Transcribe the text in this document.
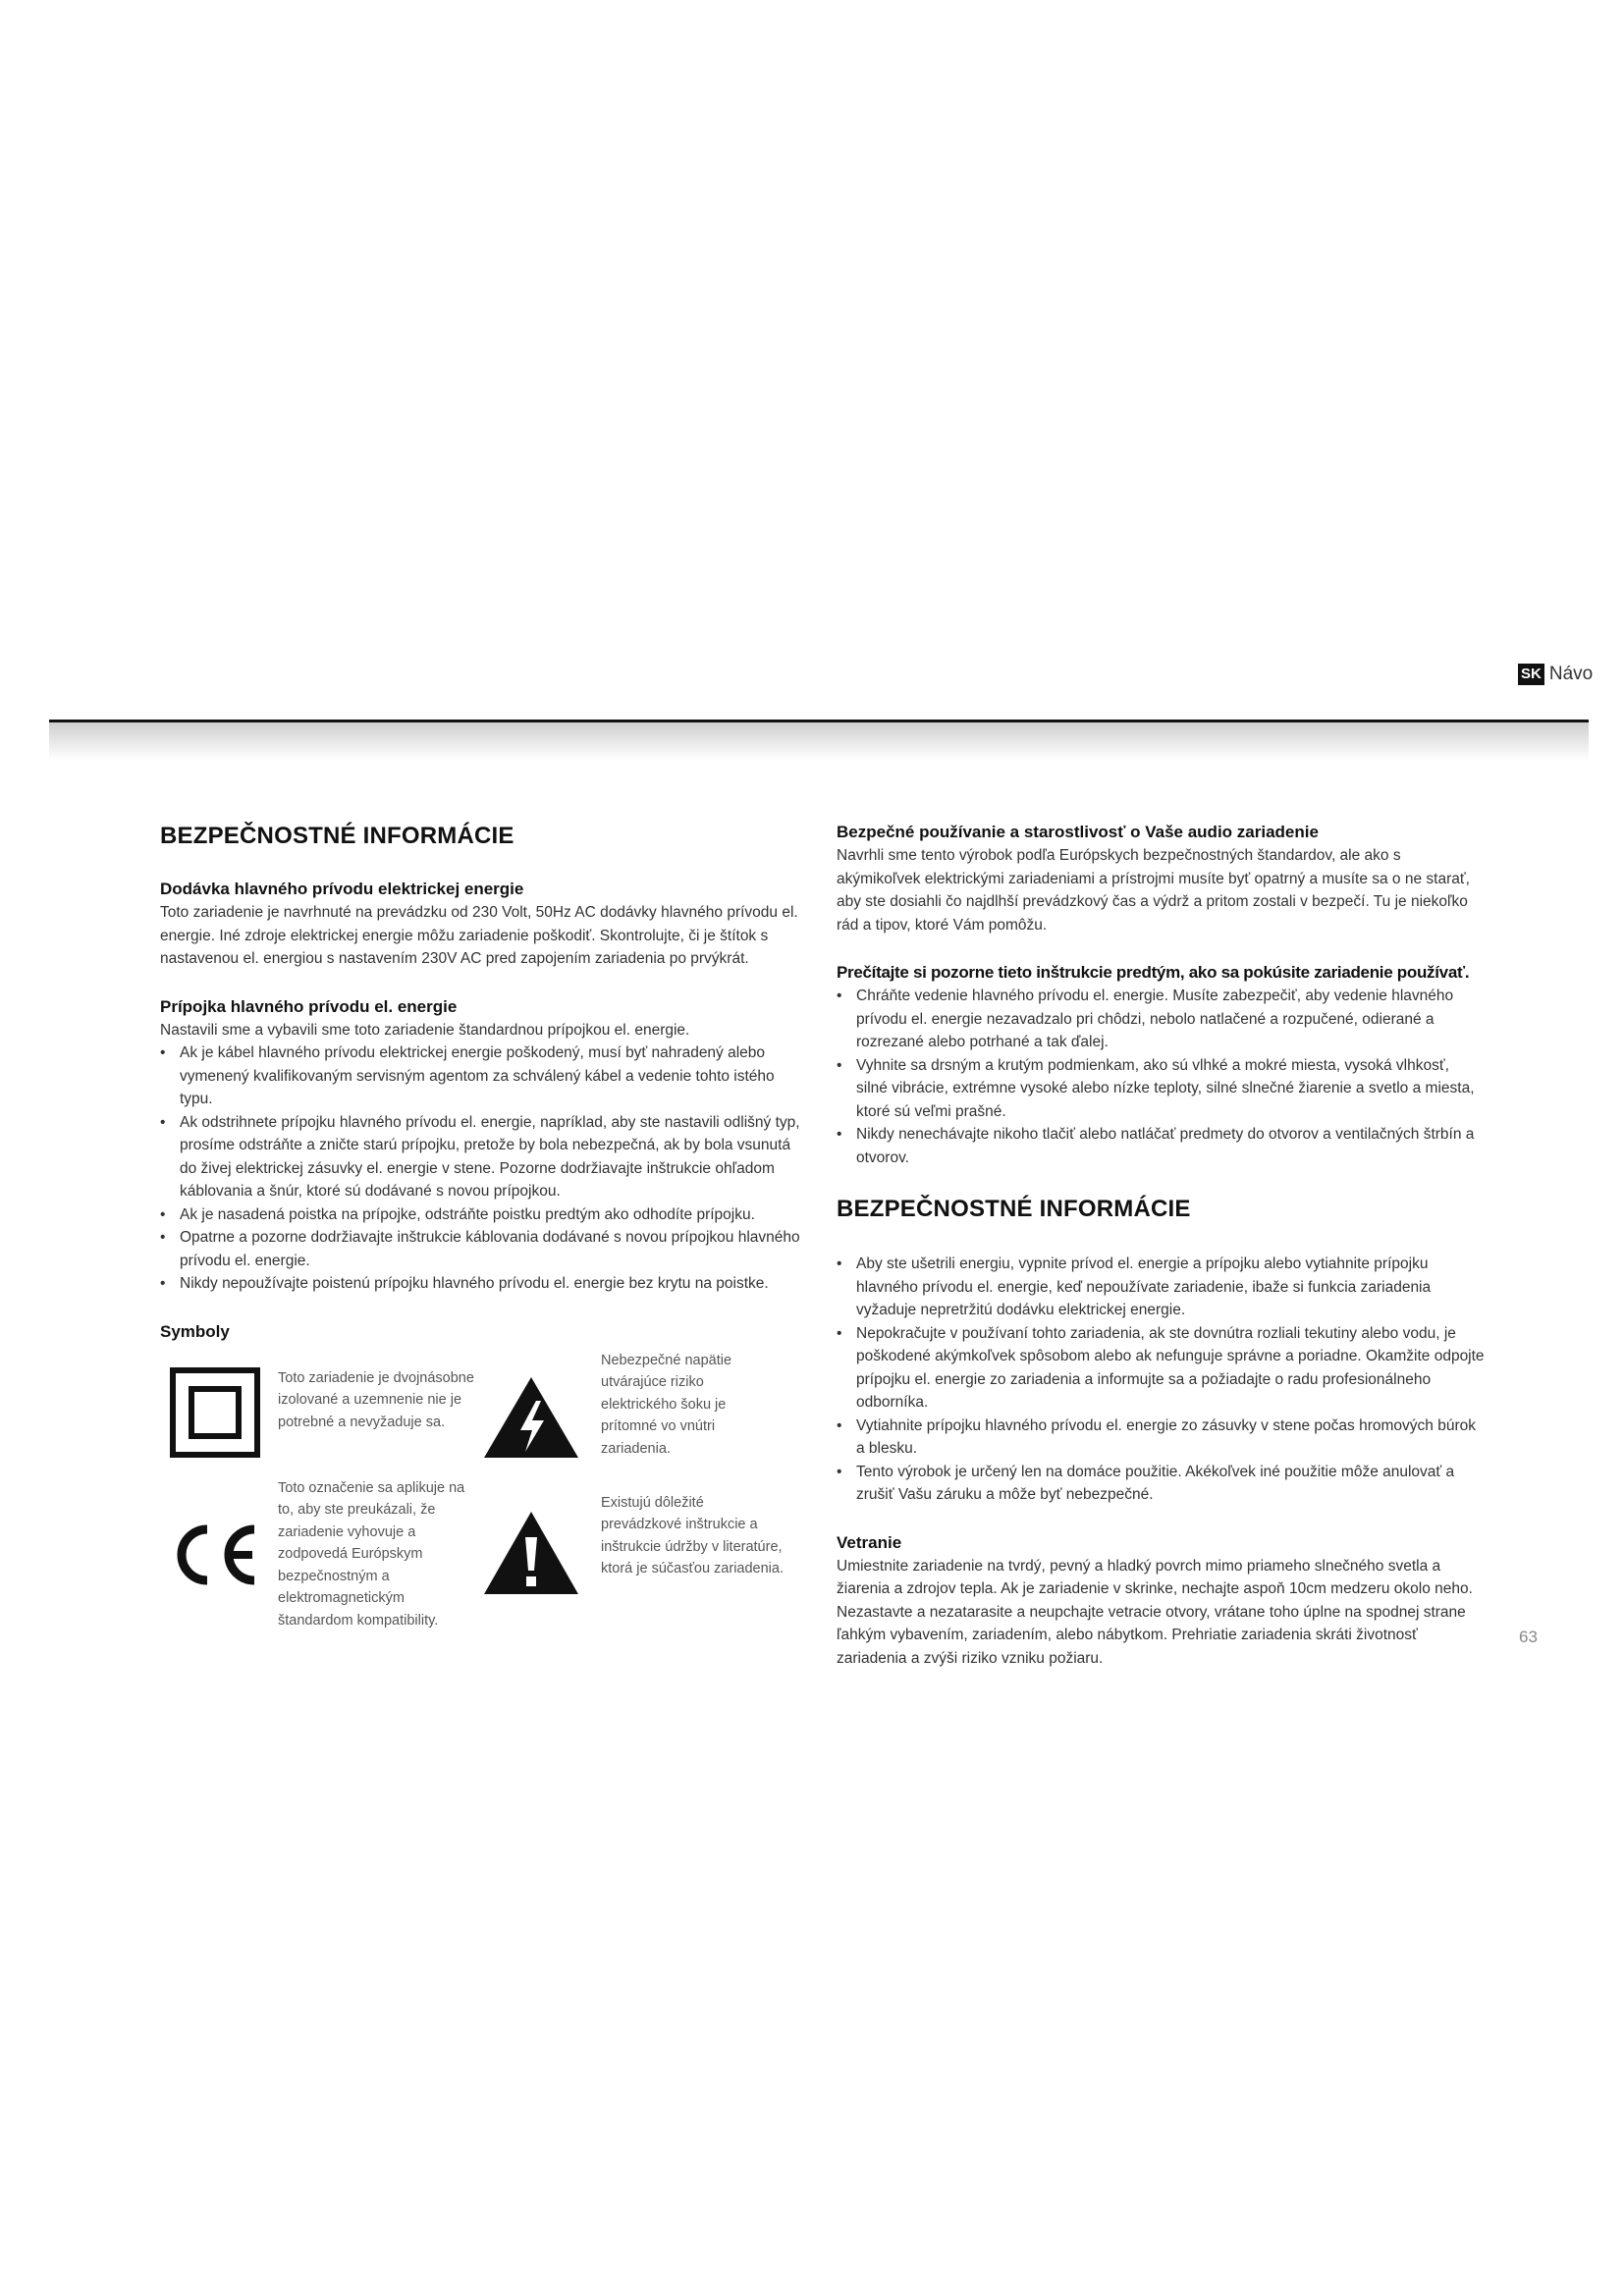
SK Návo
BEZPEČNOSTNÉ INFORMÁCIE
Dodávka hlavného prívodu elektrickej energie

Toto zariadenie je navrhnuté na prevádzku od 230 Volt, 50Hz AC dodávky hlavného prívodu el. energie. Iné zdroje elektrickej energie môžu zariadenie poškodiť. Skontrolujte, či je štítok s nastavenou el. energiou s nastavením 230V AC pred zapojením zariadenia po prvýkrát.

Prípojka hlavného prívodu el. energie

Nastavili sme a vybavili sme toto zariadenie štandardnou prípojkou el. energie.

• Ak je kábel hlavného prívodu elektrickej energie poškodený, musí byť nahradený alebo vymenený kvalifikovaným servisným agentom za schválený kábel a vedenie tohto istého typu.
• Ak odstrihnete prípojku hlavného prívodu el. energie, napríklad, aby ste nastavili odlišný typ, prosíme odstráňte a zničte starú prípojku, pretože by bola nebezpečná, ak by bola vsunutá do živej elektrickej zásuvky el. energie v stene. Pozorne dodržiavajte inštrukcie ohľadom káblovania a šnúr, ktoré sú dodávané s novou prípojkou.
• Ak je nasadená poistka na prípojke, odstráňte poistku predtým ako odhodíte prípojku.
• Opatrne a pozorne dodržiavajte inštrukcie káblovania dodávané s novou prípojkou hlavného prívodu el. energie.
• Nikdy nepoužívajte poistenú prípojku hlavného prívodu el. energie bez krytu na poistke.
Symboly
Toto zariadenie je dvojnásobne izolované a uzemnenie nie je potrebné a nevyžaduje sa.
Nebezpečné napätie utvárajúce riziko elektrického šoku je prítomné vo vnútri zariadenia.
Toto označenie sa aplikuje na to, aby ste preukázali, že zariadenie vyhovuje a zodpovedá Európskym bezpečnostným a elektromagnetickým štandardom kompatibility.
Existujú dôležité prevádzkové inštrukcie a inštrukcie údržby v literatúre, ktorá je súčasťou zariadenia.
Bezpečné používanie a starostlivosť o Vaše audio zariadenie

Navrhli sme tento výrobok podľa Európskych bezpečnostných štandardov, ale ako s akýmikoľvek elektrickými zariadeniami a prístrojmi musíte byť opatrný a musíte sa o ne starať, aby ste dosiahli čo najdlhší prevádzkový čas a výdrž a pritom zostali v bezpečí. Tu je niekoľko rád a tipov, ktoré Vám pomôžu.

Prečítajte si pozorne tieto inštrukcie predtým, ako sa pokúsite zariadenie používať.
• Chráňte vedenie hlavného prívodu el. energie. Musíte zabezpečiť, aby vedenie hlavného prívodu el. energie nezavadzalo pri chôdzi, nebolo natlačené a rozpučené, odierané a rozrezané alebo potrhané a tak ďalej.
• Vyhnite sa drsným a krutým podmienkam, ako sú vlhké a mokré miesta, vysoká vlhkosť, silné vibrácie, extrémne vysoké alebo nízke teploty, silné slnečné žiarenie a svetlo a miesta, ktoré sú veľmi prašné.
• Nikdy nenechávajte nikoho tlačiť alebo natláčať predmety do otvorov a ventilačných štrbín a otvorov.
BEZPEČNOSTNÉ INFORMÁCIE
• Aby ste ušetrili energiu, vypnite prívod el. energie a prípojku alebo vytiahnite prípojku hlavného prívodu el. energie, keď nepoužívate zariadenie, ibaže si funkcia zariadenia vyžaduje nepretržitú dodávku elektrickej energie.
• Nepokračujte v používaní tohto zariadenia, ak ste dovnútra rozliali tekutiny alebo vodu, je poškodené akýmkoľvek spôsobom alebo ak nefunguje správne a poriadne. Okamžite odpojte prípojku el. energie zo zariadenia a informujte sa a požiadajte o radu profesionálneho odborníka.
• Vytiahnite prípojku hlavného prívodu el. energie zo zásuvky v stene počas hromových búrok a blesku.
• Tento výrobok je určený len na domáce použitie. Akékoľvek iné použitie môže anulovať a zrušiť Vašu záruku a môže byť nebezpečné.
Vetranie

Umiestnite zariadenie na tvrdý, pevný a hladký povrch mimo priameho slnečného svetla a žiarenia a zdrojov tepla. Ak je zariadenie v skrinke, nechajte aspoň 10cm medzeru okolo neho. Nezastavte a nezatarasite a neupchajte vetracie otvory, vrátane toho úplne na spodnej strane ľahkým vybavením, zariadením, alebo nábytkom. Prehriatie zariadenia skráti životnosť zariadenia a zvýši riziko vzniku požiaru.

63
